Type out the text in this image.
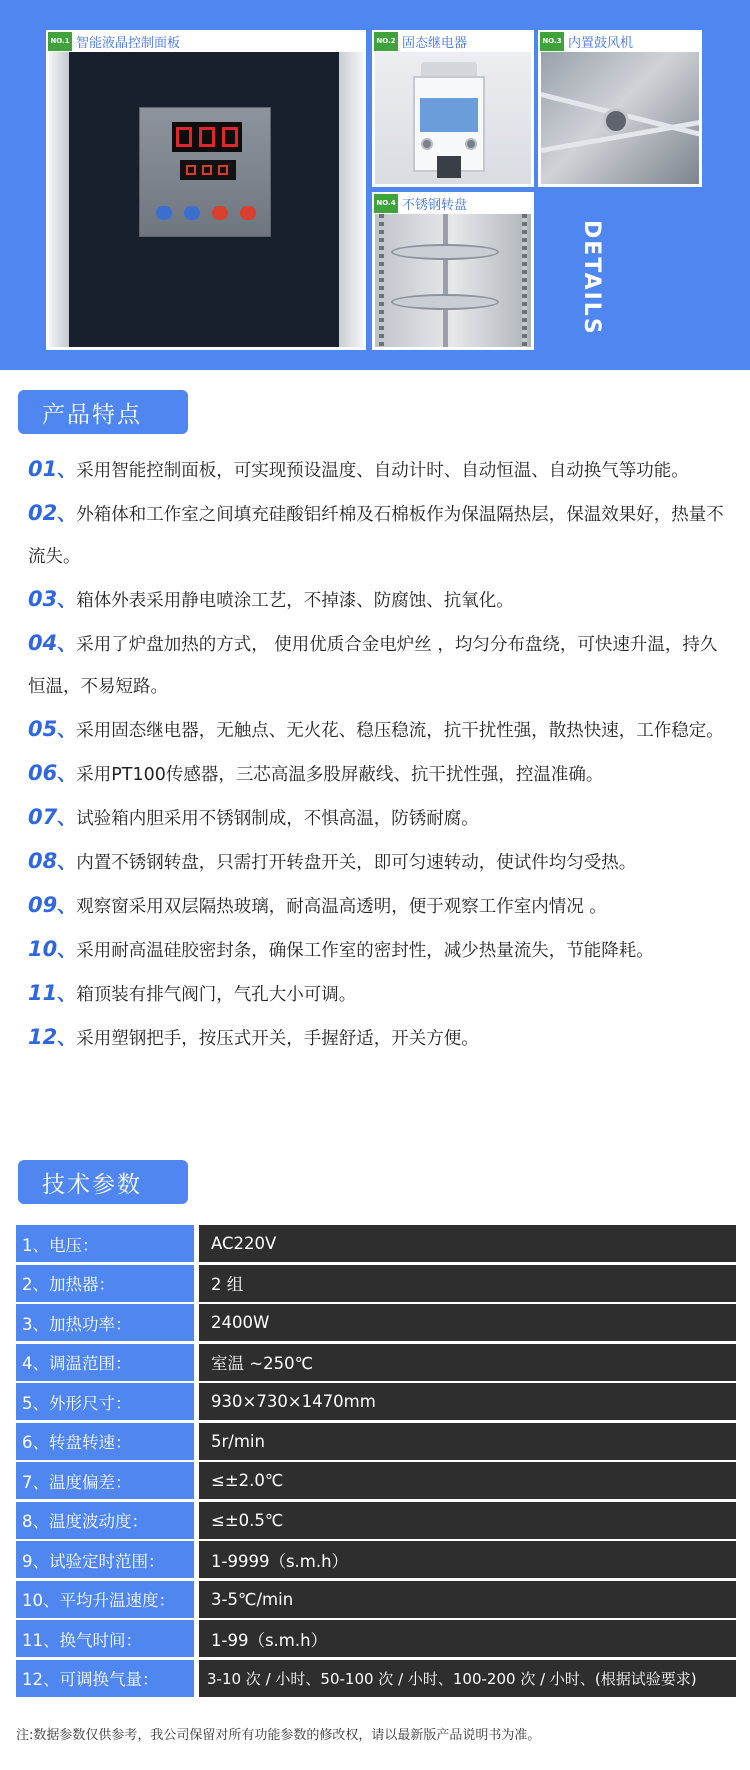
NO.1 智能液晶控制面板	NO.2 固态继电器	NO.3 内置鼓风机
NO.4 不锈钢转盘
DETAILS
产品特点

01、采用智能控制面板，可实现预设温度、自动计时、自动恒温、自动换气等功能。

02、外箱体和工作室之间填充硅酸铝纤棉及石棉板作为保温隔热层，保温效果好，热量不流失。

03、箱体外表采用静电喷涂工艺，不掉漆、防腐蚀、抗氧化。

04、采用了炉盘加热的方式， 使用优质合金电炉丝 ，均匀分布盘绕，可快速升温，持久恒温，不易短路。

05、采用固态继电器，无触点、无火花、稳压稳流，抗干扰性强，散热快速，工作稳定。

06、采用PT100传感器，三芯高温多股屏蔽线、抗干扰性强，控温准确。

07、试验箱内胆采用不锈钢制成，不惧高温，防锈耐腐。

08、内置不锈钢转盘，只需打开转盘开关，即可匀速转动，使试件均匀受热。

09、观察窗采用双层隔热玻璃，耐高温高透明，便于观察工作室内情况 。

10、采用耐高温硅胶密封条，确保工作室的密封性，减少热量流失，节能降耗。

11、箱顶装有排气阀门，气孔大小可调。

12、采用塑钢把手，按压式开关，手握舒适，开关方便。

技术参数
1、电压：	AC220V
2、加热器：	2 组
3、加热功率：	2400W
4、调温范围：	室温 ~250℃
5、外形尺寸：	930×730×1470mm
6、转盘转速：	5r/min
7、温度偏差：	≤±2.0℃
8、温度波动度：	≤±0.5℃
9、试验定时范围：	1-9999（s.m.h）
10、平均升温速度：	3-5℃/min
11、换气时间：	1-99（s.m.h）
12、可调换气量：	3-10 次 / 小时、50-100 次 / 小时、100-200 次 / 小时、(根据试验要求)
注:数据参数仅供参考，我公司保留对所有功能参数的修改权，请以最新版产品说明书为准。
